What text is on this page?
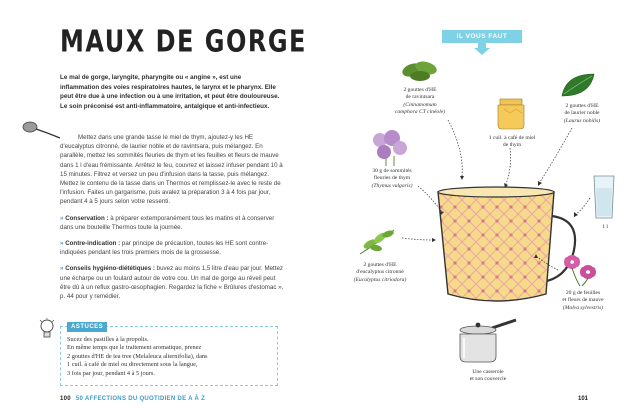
MAUX DE GORGE
Le mal de gorge, laryngite, pharyngite ou « angine », est une inflammation des voies respiratoires hautes, le larynx et le pharynx. Elle peut être due à une infection ou à une irritation, et peut être douloureuse. Le soin préconisé est anti-inflammatoire, antalgique et anti-infectieux.

Mettez dans une grande tasse le miel de thym, ajoutez-y les HE d'eucalyptus citronné, de laurier noble et de ravintsara, puis mélangez. En parallèle, mettez les sommités fleuries de thym et les feuilles et fleurs de mauve dans 1 l d'eau frémissante. Arrêtez le feu, couvrez et laissez infuser pendant 10 à 15 minutes. Filtrez et versez un peu d'infusion dans la tasse, puis mélangez. Mettez le contenu de la tasse dans un Thermos et remplissez-le avec le reste de l'infusion. Faites un gargarisme, puis avalez la préparation 3 à 4 fois par jour, pendant 4 à 5 jours selon votre ressenti.

» Conservation : à préparer extemporanément tous les matins et à conserver dans une bouteille Thermos toute la journée.

» Contre-indication : par principe de précaution, toutes les HE sont contre-indiquées pendant les trois premiers mois de la grossesse.

» Conseils hygiéno-diététiques : buvez au moins 1,5 litre d'eau par jour. Mettez une écharpe ou un foulard autour de votre cou. Un mal de gorge au réveil peut être dû à un reflux gastro-œsophagien. Regardez la fiche « Brûlures d'estomac », p. 44 pour y remédier.

ASTUCES
Sucez des pastilles à la propolis.
En même temps que le traitement aromatique, prenez
2 gouttes d'HE de tea tree (Melaleuca alternifolia), dans
1 cuil. à café de miel ou directement sous la langue,
3 fois par jour, pendant 4 à 5 jours.
100 50 AFFECTIONS DU QUOTIDIEN DE A À Z
IL VOUS FAUT
2 gouttes d'HE
de ravintsara
(Cinnamomum
camphora CT cinéole)
1 cuil. à café de miel
de thym
2 gouttes d'HE
de laurier noble
(Laurus nobilis)
30 g de sommités
fleuries de thym
(Thymus vulgaris)
1 l
2 gouttes d'HE
d'eucalyptus citronné
(Eucalyptus citriodora)
20 g de feuilles
et fleurs de mauve
(Malva sylvestris)
Une casserole
et son couvercle
101
